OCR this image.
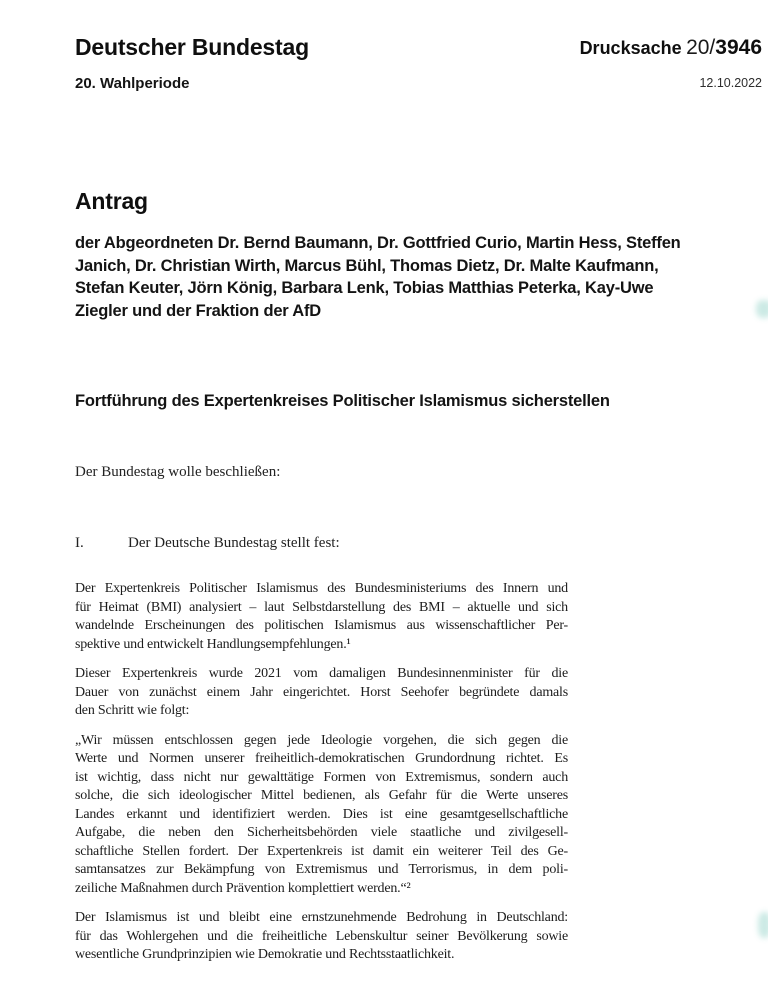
Deutscher Bundestag
20. Wahlperiode
Drucksache 20/3946
12.10.2022
Antrag
der Abgeordneten Dr. Bernd Baumann, Dr. Gottfried Curio, Martin Hess, Steffen
Janich, Dr. Christian Wirth, Marcus Bühl, Thomas Dietz, Dr. Malte Kaufmann,
Stefan Keuter, Jörn König, Barbara Lenk, Tobias Matthias Peterka, Kay-Uwe
Ziegler und der Fraktion der AfD
Fortführung des Expertenkreises Politischer Islamismus sicherstellen
Der Bundestag wolle beschließen:
I.	Der Deutsche Bundestag stellt fest:
Der Expertenkreis Politischer Islamismus des Bundesministeriums des Innern und
für Heimat (BMI) analysiert – laut Selbstdarstellung des BMI – aktuelle und sich
wandelnde Erscheinungen des politischen Islamismus aus wissenschaftlicher Per-
spektive und entwickelt Handlungsempfehlungen.¹
Dieser Expertenkreis wurde 2021 vom damaligen Bundesinnenminister für die
Dauer von zunächst einem Jahr eingerichtet. Horst Seehofer begründete damals
den Schritt wie folgt:
„Wir müssen entschlossen gegen jede Ideologie vorgehen, die sich gegen die
Werte und Normen unserer freiheitlich-demokratischen Grundordnung richtet. Es
ist wichtig, dass nicht nur gewalttätige Formen von Extremismus, sondern auch
solche, die sich ideologischer Mittel bedienen, als Gefahr für die Werte unseres
Landes erkannt und identifiziert werden. Dies ist eine gesamtgesellschaftliche
Aufgabe, die neben den Sicherheitsbehörden viele staatliche und zivilgesell-
schaftliche Stellen fordert. Der Expertenkreis ist damit ein weiterer Teil des Ge-
samtansatzes zur Bekämpfung von Extremismus und Terrorismus, in dem poli-
zeiliche Maßnahmen durch Prävention komplettiert werden.“²
Der Islamismus ist und bleibt eine ernstzunehmende Bedrohung in Deutschland:
für das Wohlergehen und die freiheitliche Lebenskultur seiner Bevölkerung sowie
wesentliche Grundprinzipien wie Demokratie und Rechtsstaatlichkeit.
